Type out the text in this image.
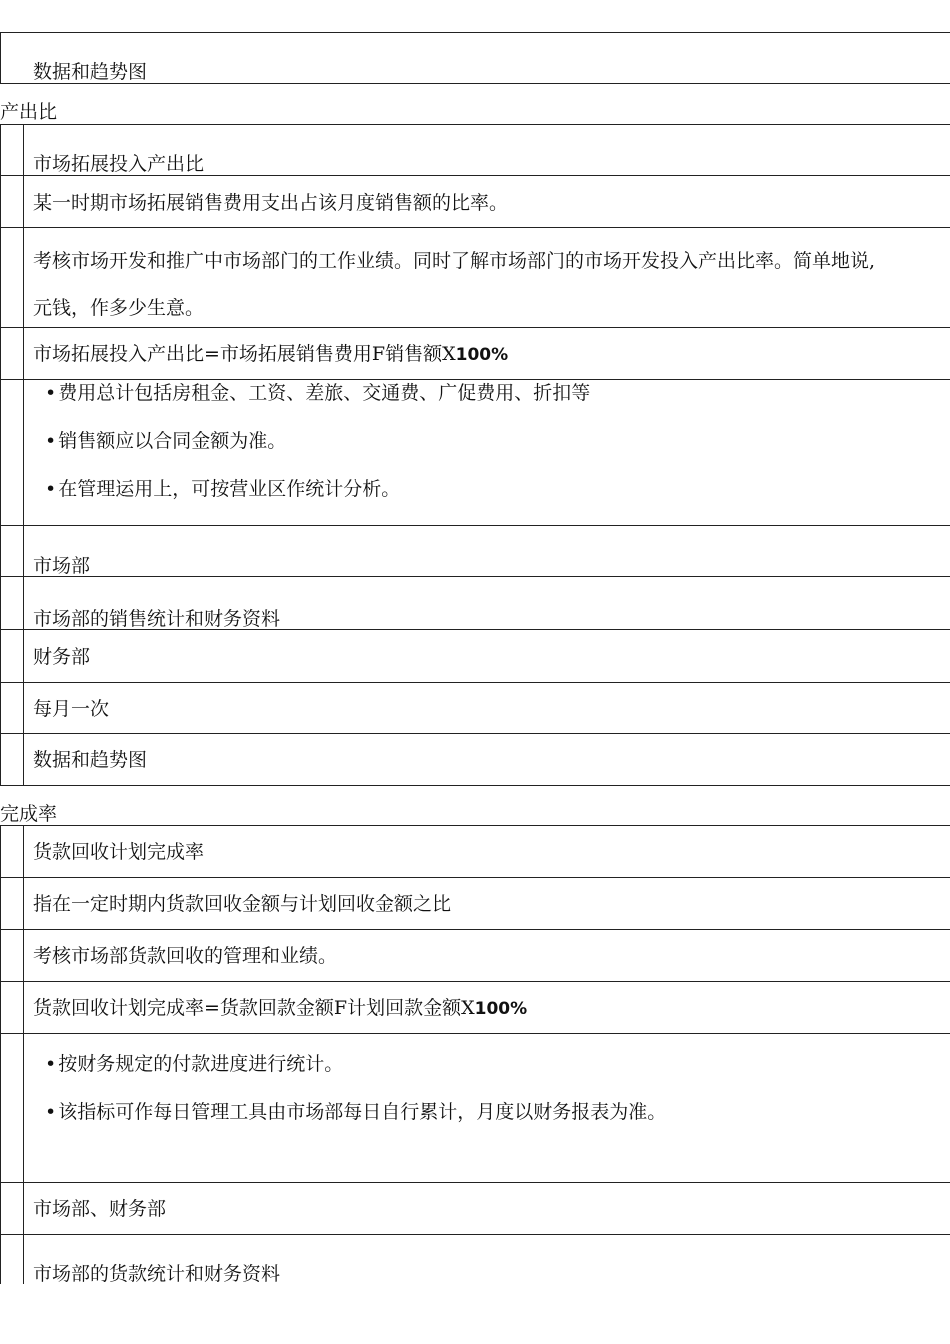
数据和趋势图
产出比
市场拓展投入产出比
某一时期市场拓展销售费用支出占该月度销售额的比率。
考核市场开发和推广中市场部门的工作业绩。同时了解市场部门的市场开发投入产出比率。简单地说,
元钱，作多少生意。
市场拓展投入产出比=市场拓展销售费用F销售额X100%
• 费用总计包括房租金、工资、差旅、交通费、广促费用、折扣等
• 销售额应以合同金额为准。
• 在管理运用上，可按营业区作统计分析。
市场部
市场部的销售统计和财务资料
财务部
每月一次
数据和趋势图
完成率
货款回收计划完成率
指在一定时期内货款回收金额与计划回收金额之比
考核市场部货款回收的管理和业绩。
货款回收计划完成率=货款回款金额F计划回款金额X100%
• 按财务规定的付款进度进行统计。
• 该指标可作每日管理工具由市场部每日自行累计，月度以财务报表为准。
市场部、财务部
市场部的货款统计和财务资料
